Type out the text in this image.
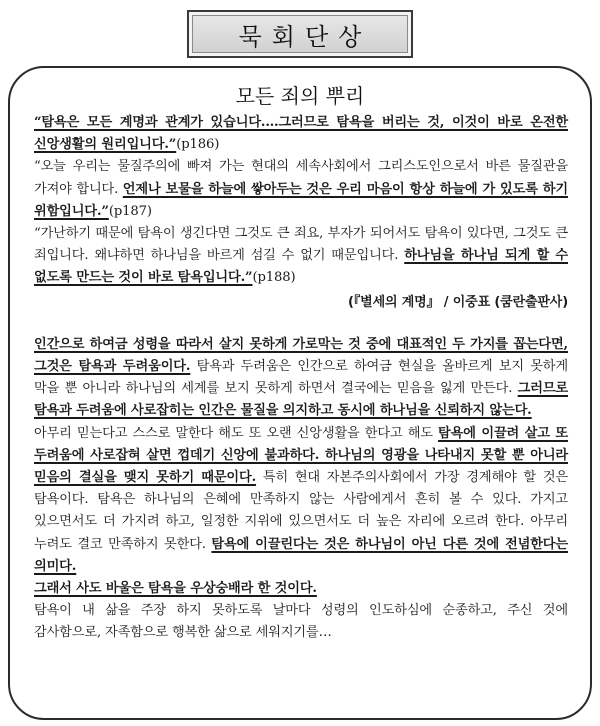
묵회단상
모든 죄의 뿌리

“탐욕은 모든 계명과 관계가 있습니다.…그러므로 탐욕을 버리는 것, 이것이 바로 온전한 신앙생활의 원리입니다.”(p186)

“오늘 우리는 물질주의에 빠져 가는 현대의 세속사회에서 그리스도인으로서 바른 물질관을 가져야 합니다. 언제나 보물을 하늘에 쌓아두는 것은 우리 마음이 항상 하늘에 가 있도록 하기 위함입니다.”(p187)

“가난하기 때문에 탐욕이 생긴다면 그것도 큰 죄요, 부자가 되어서도 탐욕이 있다면, 그것도 큰 죄입니다. 왜냐하면 하나님을 바르게 섬길 수 없기 때문입니다. 하나님을 하나님 되게 할 수 없도록 만드는 것이 바로 탐욕입니다.”(p188)

(『별세의 계명』 / 이중표 (쿰란출판사)

인간으로 하여금 성령을 따라서 살지 못하게 가로막는 것 중에 대표적인 두 가지를 꼽는다면, 그것은 탐욕과 두려움이다. 탐욕과 두려움은 인간으로 하여금 현실을 올바르게 보지 못하게 막을 뿐 아니라 하나님의 세계를 보지 못하게 하면서 결국에는 믿음을 잃게 만든다. 그러므로 탐욕과 두려움에 사로잡히는 인간은 물질을 의지하고 동시에 하나님을 신뢰하지 않는다.

아무리 믿는다고 스스로 말한다 해도 또 오랜 신앙생활을 한다고 해도 탐욕에 이끌려 살고 또 두려움에 사로잡혀 살면 껍데기 신앙에 불과하다. 하나님의 영광을 나타내지 못할 뿐 아니라 믿음의 결실을 맺지 못하기 때문이다. 특히 현대 자본주의사회에서 가장 경계해야 할 것은 탐욕이다. 탐욕은 하나님의 은혜에 만족하지 않는 사람에게서 흔히 볼 수 있다. 가지고 있으면서도 더 가지려 하고, 일정한 지위에 있으면서도 더 높은 자리에 오르려 한다. 아무리 누려도 결코 만족하지 못한다. 탐욕에 이끌린다는 것은 하나님이 아닌 다른 것에 전념한다는 의미다.

그래서 사도 바울은 탐욕을 우상숭배라 한 것이다.

탐욕이 내 삶을 주장 하지 못하도록 날마다 성령의 인도하심에 순종하고, 주신 것에 감사함으로, 자족함으로 행복한 삶으로 세워지기를…
